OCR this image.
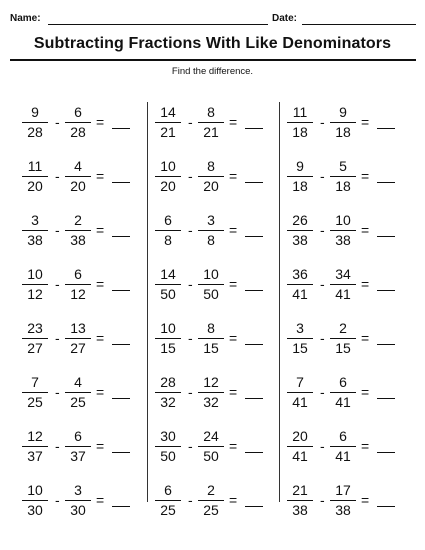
Name:	Date:
Subtracting Fractions With Like Denominators
Find the difference.
9
28
-
6
28
=
11
20
-
4
20
=
3
38
-
2
38
=
10
12
-
6
12
=
23
27
-
13
27
=
7
25
-
4
25
=
12
37
-
6
37
=
10
30
-
3
30
=
14
21
-
8
21
=
10
20
-
8
20
=
6
8
-
3
8
=
14
50
-
10
50
=
10
15
-
8
15
=
28
32
-
12
32
=
30
50
-
24
50
=
6
25
-
2
25
=
11
18
-
9
18
=
9
18
-
5
18
=
26
38
-
10
38
=
36
41
-
34
41
=
3
15
-
2
15
=
7
41
-
6
41
=
20
41
-
6
41
=
21
38
-
17
38
=
